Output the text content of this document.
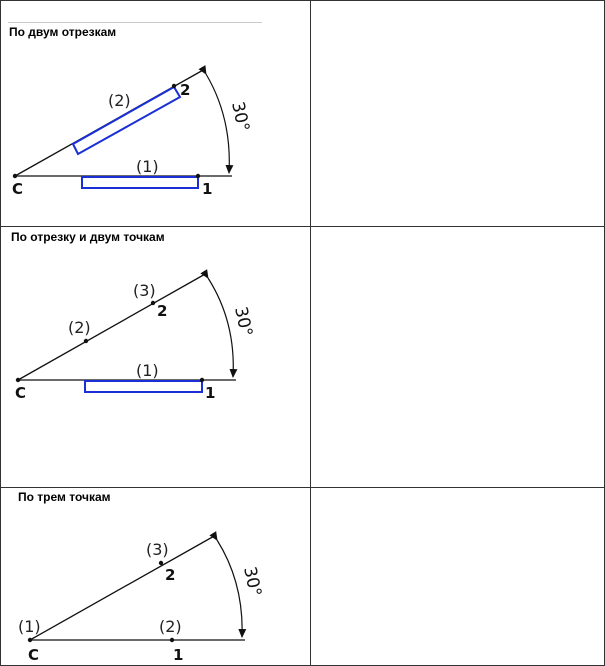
(1)
(2)
C	1
2
30°
(1)
(2)
(3)
C	1
2	30°
(1)	(2)
(3)
C	1
2	30°
По двум отрезкам
По отрезку и двум точкам
По трем точкам
